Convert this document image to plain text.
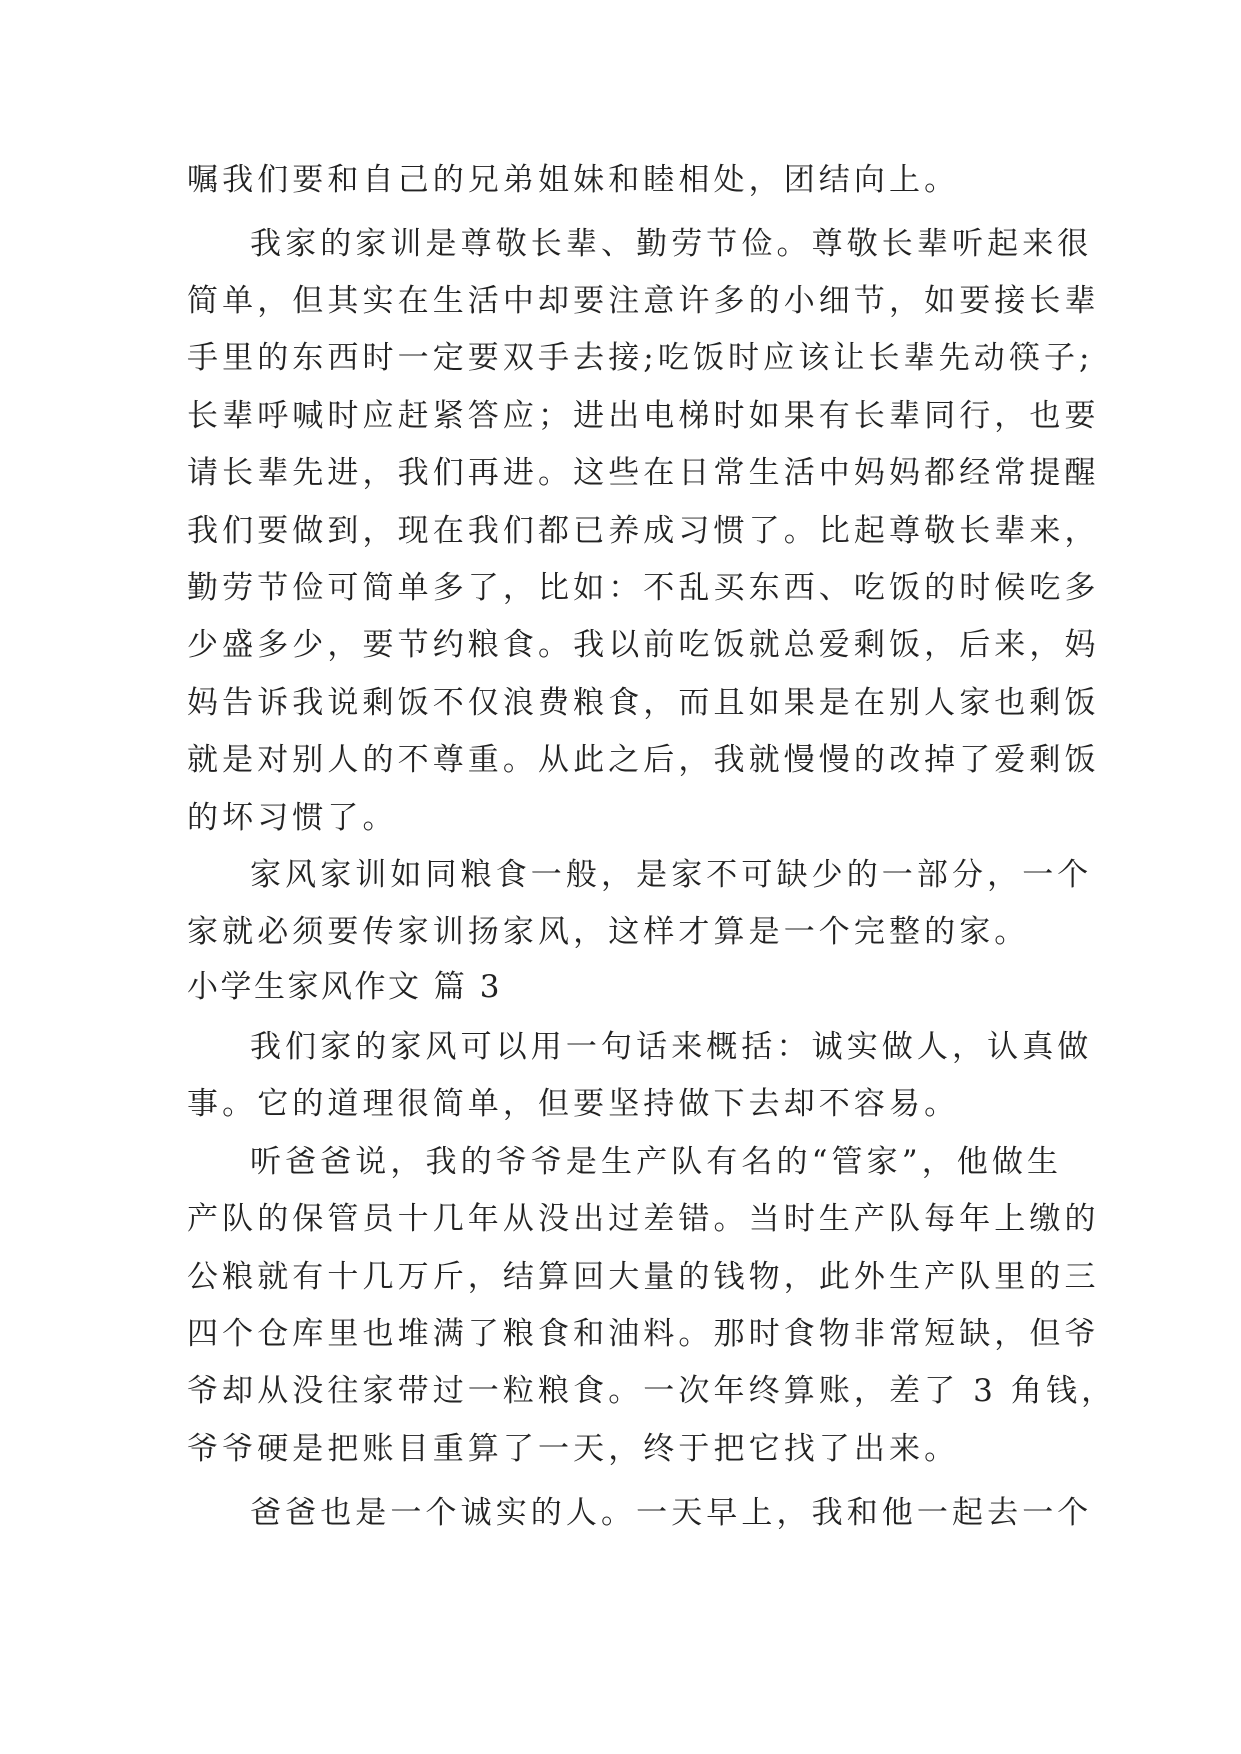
嘱我们要和自己的兄弟姐妹和睦相处，团结向上。
我家的家训是尊敬长辈、勤劳节俭。尊敬长辈听起来很
简单，但其实在生活中却要注意许多的小细节，如要接长辈
手里的东西时一定要双手去接;吃饭时应该让长辈先动筷子;
长辈呼喊时应赶紧答应；进出电梯时如果有长辈同行，也要
请长辈先进，我们再进。这些在日常生活中妈妈都经常提醒
我们要做到，现在我们都已养成习惯了。比起尊敬长辈来，
勤劳节俭可简单多了，比如：不乱买东西、吃饭的时候吃多
少盛多少，要节约粮食。我以前吃饭就总爱剩饭，后来，妈
妈告诉我说剩饭不仅浪费粮食，而且如果是在别人家也剩饭
就是对别人的不尊重。从此之后，我就慢慢的改掉了爱剩饭
的坏习惯了。
家风家训如同粮食一般，是家不可缺少的一部分，一个
家就必须要传家训扬家风，这样才算是一个完整的家。
小学生家风作文 篇 3
我们家的家风可以用一句话来概括：诚实做人，认真做
事。它的道理很简单，但要坚持做下去却不容易。
听爸爸说，我的爷爷是生产队有名的“管家”，他做生
产队的保管员十几年从没出过差错。当时生产队每年上缴的
公粮就有十几万斤，结算回大量的钱物，此外生产队里的三
四个仓库里也堆满了粮食和油料。那时食物非常短缺，但爷
爷却从没往家带过一粒粮食。一次年终算账，差了 3 角钱，
爷爷硬是把账目重算了一天，终于把它找了出来。
爸爸也是一个诚实的人。一天早上，我和他一起去一个
